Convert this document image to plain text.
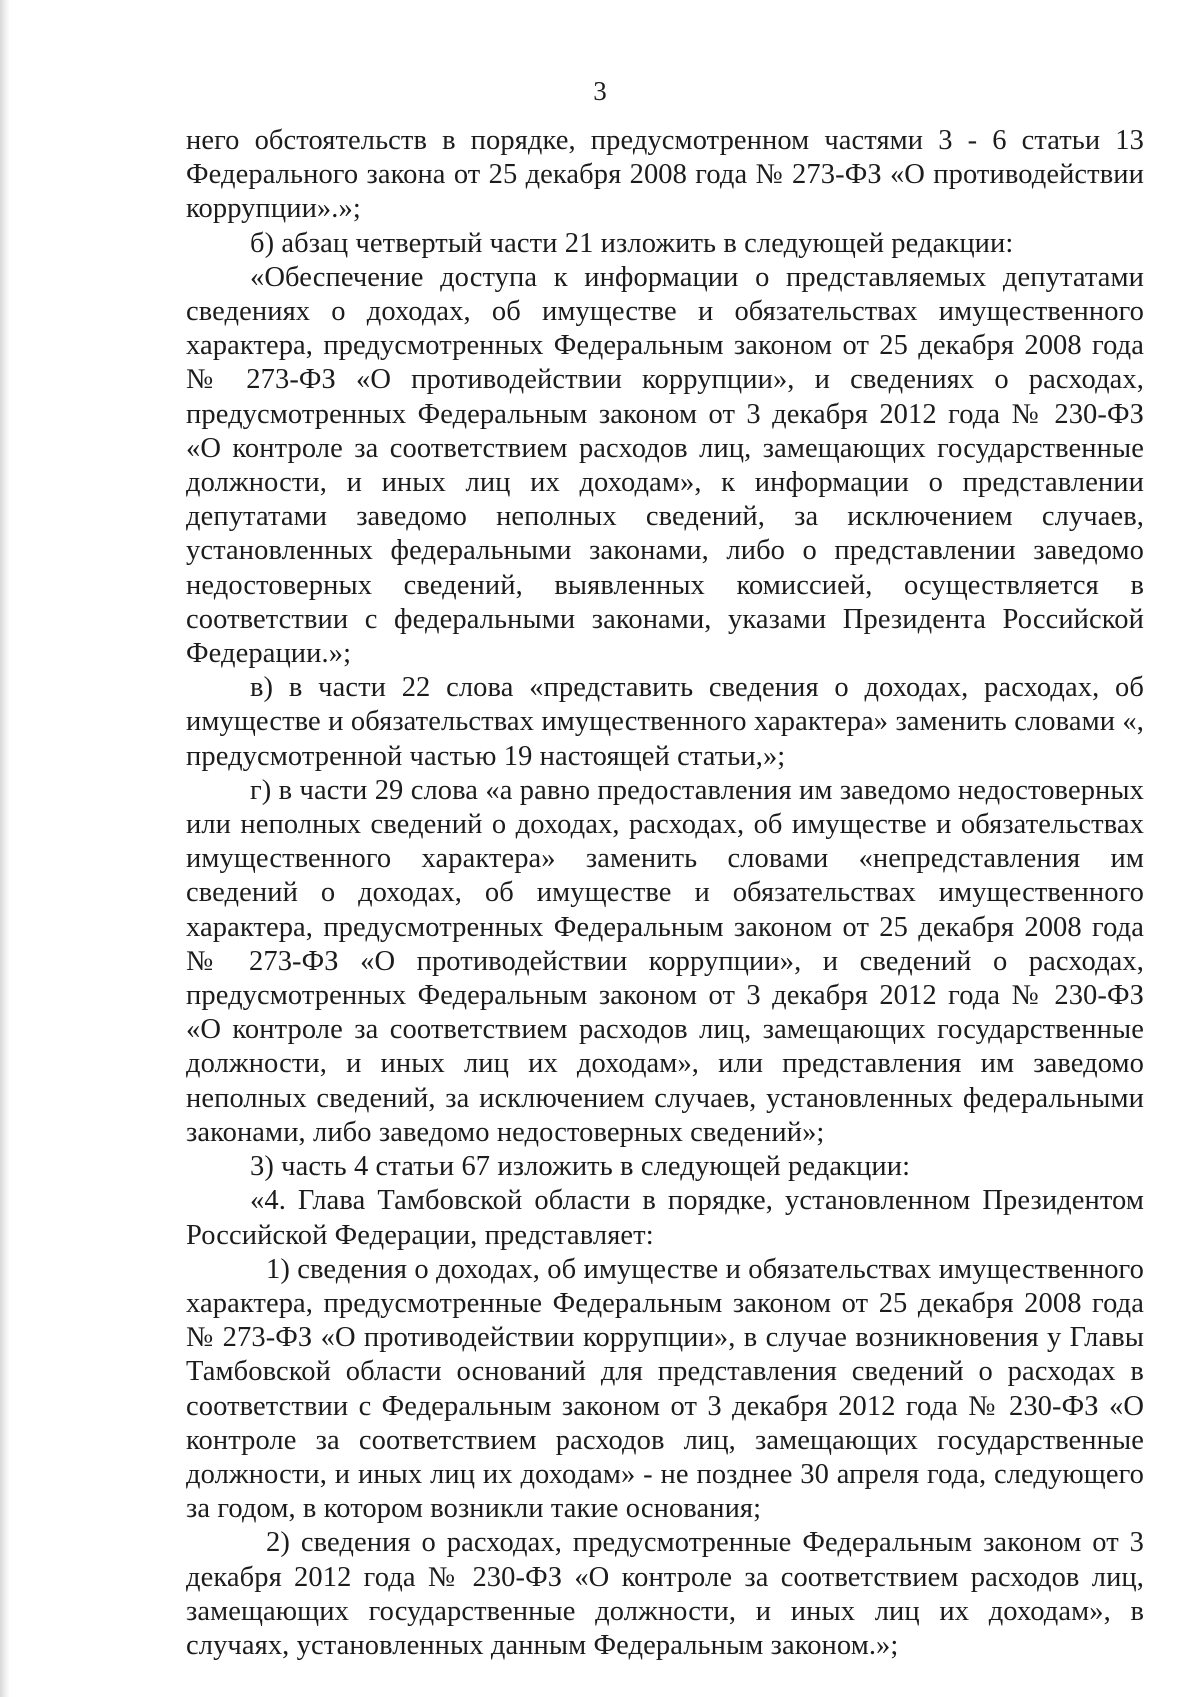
3

него обстоятельств в порядке, предусмотренном частями 3 - 6 статьи 13 Федерального закона от 25 декабря 2008 года № 273-ФЗ «О противодействии коррупции».»;

б) абзац четвертый части 21 изложить в следующей редакции:

«Обеспечение доступа к информации о представляемых депутатами сведениях о доходах, об имуществе и обязательствах имущественного характера, предусмотренных Федеральным законом от 25 декабря 2008 года № 273-ФЗ «О противодействии коррупции», и сведениях о расходах, предусмотренных Федеральным законом от 3 декабря 2012 года № 230-ФЗ «О контроле за соответствием расходов лиц, замещающих государственные должности, и иных лиц их доходам», к информации о представлении депутатами заведомо неполных сведений, за исключением случаев, установленных федеральными законами, либо о представлении заведомо недостоверных сведений, выявленных комиссией, осуществляется в соответствии с федеральными законами, указами Президента Российской Федерации.»;

в) в части 22 слова «представить сведения о доходах, расходах, об имуществе и обязательствах имущественного характера» заменить словами «, предусмотренной частью 19 настоящей статьи,»;

г) в части 29 слова «а равно предоставления им заведомо недостоверных или неполных сведений о доходах, расходах, об имуществе и обязательствах имущественного характера» заменить словами «непредставления им сведений о доходах, об имуществе и обязательствах имущественного характера, предусмотренных Федеральным законом от 25 декабря 2008 года № 273-ФЗ «О противодействии коррупции», и сведений о расходах, предусмотренных Федеральным законом от 3 декабря 2012 года № 230-ФЗ «О контроле за соответствием расходов лиц, замещающих государственные должности, и иных лиц их доходам», или представления им заведомо неполных сведений, за исключением случаев, установленных федеральными законами, либо заведомо недостоверных сведений»;

3) часть 4 статьи 67 изложить в следующей редакции:

«4. Глава Тамбовской области в порядке, установленном Президентом Российской Федерации, представляет:

1) сведения о доходах, об имуществе и обязательствах имущественного характера, предусмотренные Федеральным законом от 25 декабря 2008 года № 273-ФЗ «О противодействии коррупции», в случае возникновения у Главы Тамбовской области оснований для представления сведений о расходах в соответствии с Федеральным законом от 3 декабря 2012 года № 230-ФЗ «О контроле за соответствием расходов лиц, замещающих государственные должности, и иных лиц их доходам» - не позднее 30 апреля года, следующего за годом, в котором возникли такие основания;

2) сведения о расходах, предусмотренные Федеральным законом от 3 декабря 2012 года № 230-ФЗ «О контроле за соответствием расходов лиц, замещающих государственные должности, и иных лиц их доходам», в случаях, установленных данным Федеральным законом.»;
